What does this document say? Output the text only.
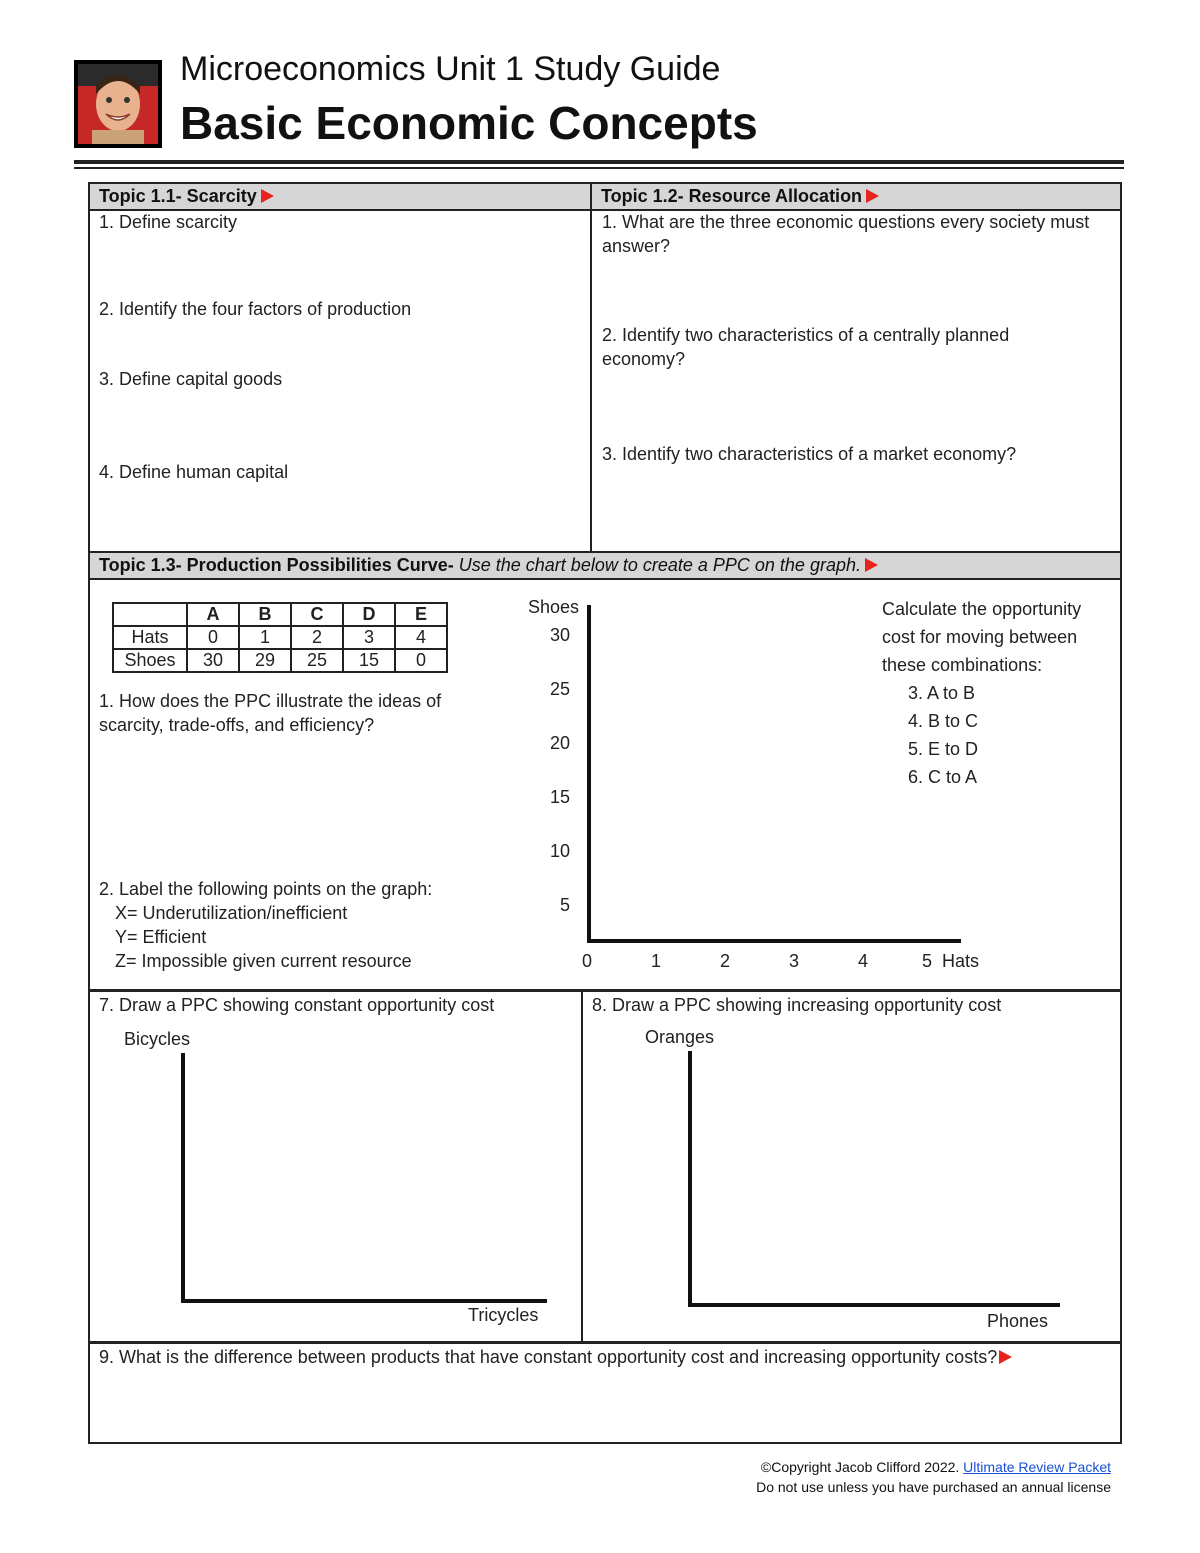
Microeconomics Unit 1 Study Guide
Basic Economic Concepts
Topic 1.1- Scarcity
1. Define scarcity
2. Identify the four factors of production
3. Define capital goods
4. Define human capital
Topic 1.2- Resource Allocation
1. What are the three economic questions every society must answer?
2. Identify two characteristics of a centrally planned economy?
3. Identify two characteristics of a market economy?
Topic 1.3- Production Possibilities Curve- Use the chart below to create a PPC on the graph.
	A	B	C	D	E
Hats	0	1	2	3	4
Shoes	30	29	25	15	0
1. How does the PPC illustrate the ideas of scarcity, trade-offs, and efficiency?
2. Label the following points on the graph:
X= Underutilization/inefficient
Y= Efficient
Z= Impossible given current resource
Shoes
30
25
20
15
10
5
0	1	2	3	4	5 Hats
Calculate the opportunity
cost for moving between
these combinations:
3. A to B
4. B to C
5. E to D
6. C to A
7. Draw a PPC showing constant opportunity cost
Bicycles
Tricycles
8. Draw a PPC showing increasing opportunity cost
Oranges
Phones
9. What is the difference between products that have constant opportunity cost and increasing opportunity costs?
©Copyright Jacob Clifford 2022. Ultimate Review Packet
Do not use unless you have purchased an annual license
